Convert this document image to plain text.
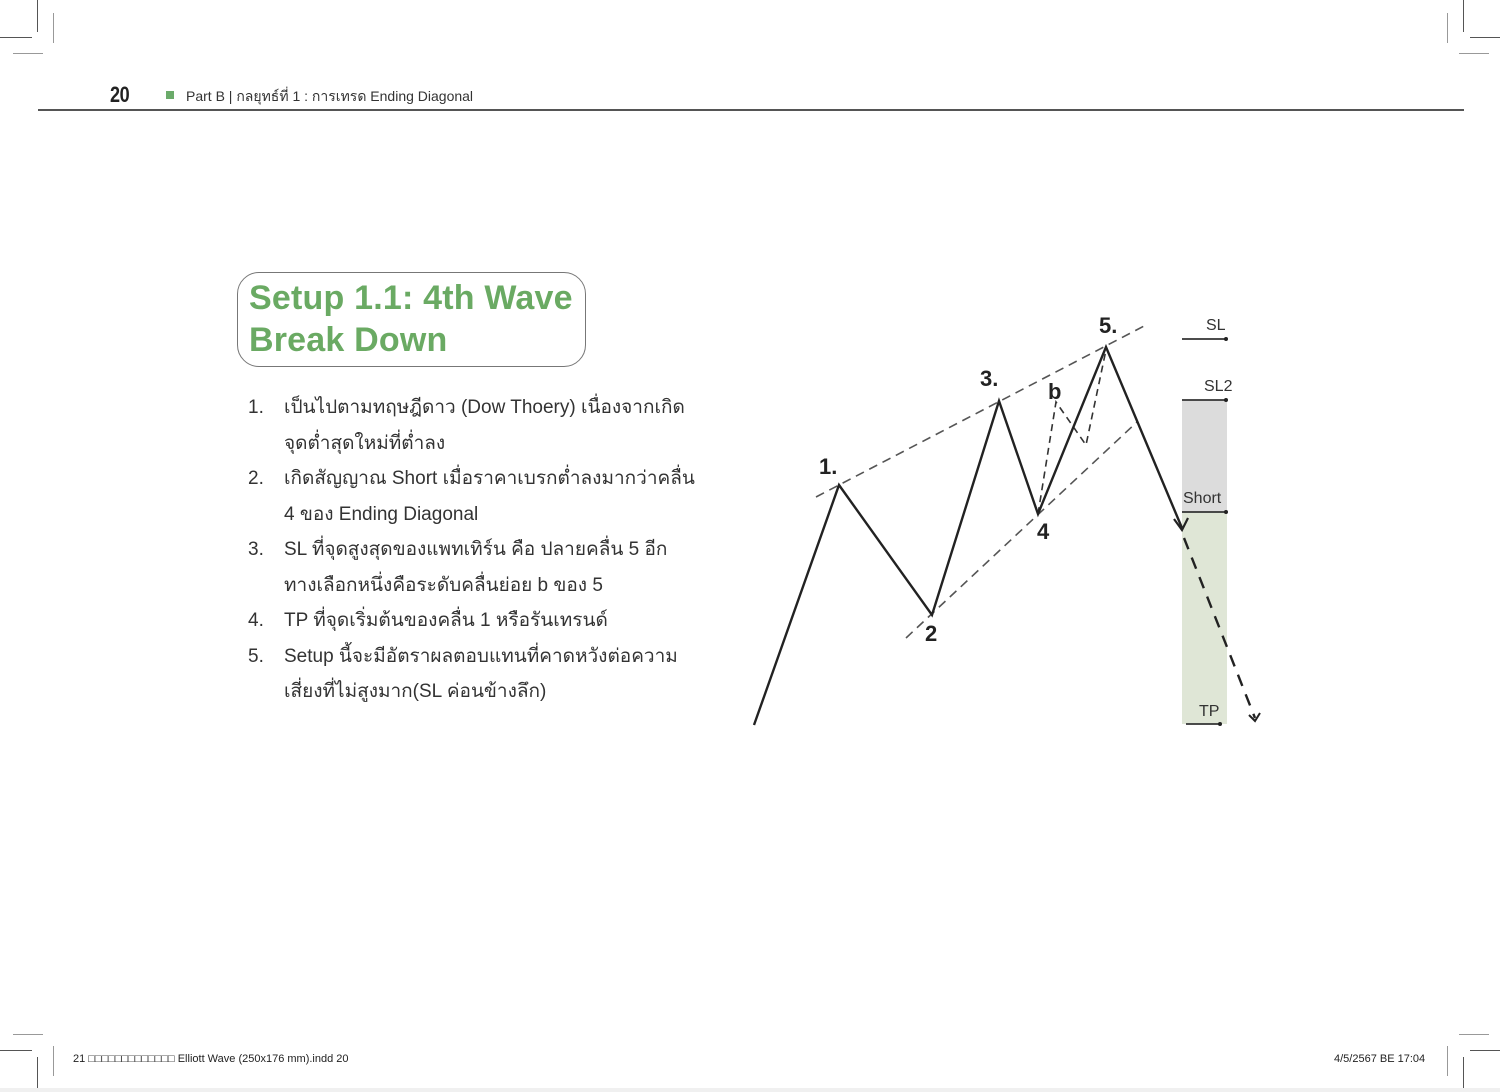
20	Part B | กลยุทธ์ที่ 1 : การเทรด Ending Diagonal
Setup 1.1: 4th Wave
Break Down
1. เป็นไปตามทฤษฎีดาว (Dow Thoery) เนื่องจากเกิด
จุดต่ำสุดใหม่ที่ต่ำลง
2. เกิดสัญญาณ Short เมื่อราคาเบรกต่ำลงมากว่าคลื่น
4 ของ Ending Diagonal
3. SL ที่จุดสูงสุดของแพทเทิร์น คือ ปลายคลื่น 5 อีก
ทางเลือกหนึ่งคือระดับคลื่นย่อย b ของ 5
4. TP ที่จุดเริ่มต้นของคลื่น 1 หรือรันเทรนด์
5. Setup นี้จะมีอัตราผลตอบแทนที่คาดหวังต่อความ
เสี่ยงที่ไม่สูงมาก(SL ค่อนข้างลึก)
1.
2
3.
4
5.
b
SL
SL2
Short
TP
21 □□□□□□□□□□□□□ Elliott Wave (250x176 mm).indd 20	4/5/2567 BE 17:04
